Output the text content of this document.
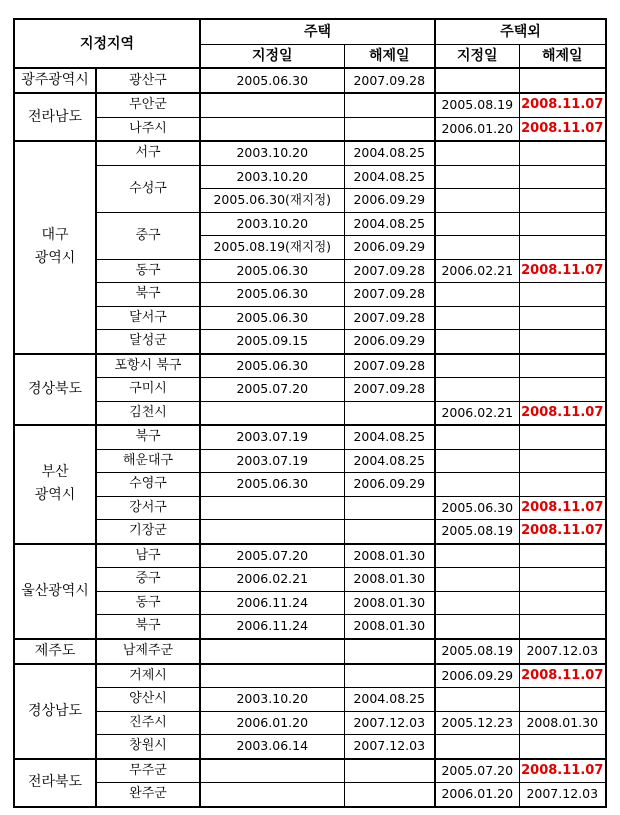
지정지역		주택		주택외	
		지정일	해제일	지정일	해제일

광주광역시	광산구	2005.06.30	2007.09.28		

전라남도	무안군			2005.08.19	2008.11.07
	나주시			2006.01.20	2008.11.07

대구
광역시	서구	2003.10.20	2004.08.25		
	수성구	2003.10.20	2004.08.25		
		2005.06.30(재지정)	2006.09.29		
	중구	2003.10.20	2004.08.25		
		2005.08.19(재지정)	2006.09.29		
	동구	2005.06.30	2007.09.28	2006.02.21	2008.11.07
	북구	2005.06.30	2007.09.28		
	달서구	2005.06.30	2007.09.28		
	달성군	2005.09.15	2006.09.29		

경상북도	포항시 북구	2005.06.30	2007.09.28		
	구미시	2005.07.20	2007.09.28		
	김천시			2006.02.21	2008.11.07

부산
광역시	북구	2003.07.19	2004.08.25		
	해운대구	2003.07.19	2004.08.25		
	수영구	2005.06.30	2006.09.29		
	강서구			2005.06.30	2008.11.07
	기장군			2005.08.19	2008.11.07

울산광역시	남구	2005.07.20	2008.01.30		
	중구	2006.02.21	2008.01.30		
	동구	2006.11.24	2008.01.30		
	북구	2006.11.24	2008.01.30		

제주도	남제주군			2005.08.19	2007.12.03

경상남도	거제시			2006.09.29	2008.11.07
	양산시	2003.10.20	2004.08.25		
	진주시	2006.01.20	2007.12.03	2005.12.23	2008.01.30
	창원시	2003.06.14	2007.12.03		

전라북도	무주군			2005.07.20	2008.11.07
	완주군			2006.01.20	2007.12.03
